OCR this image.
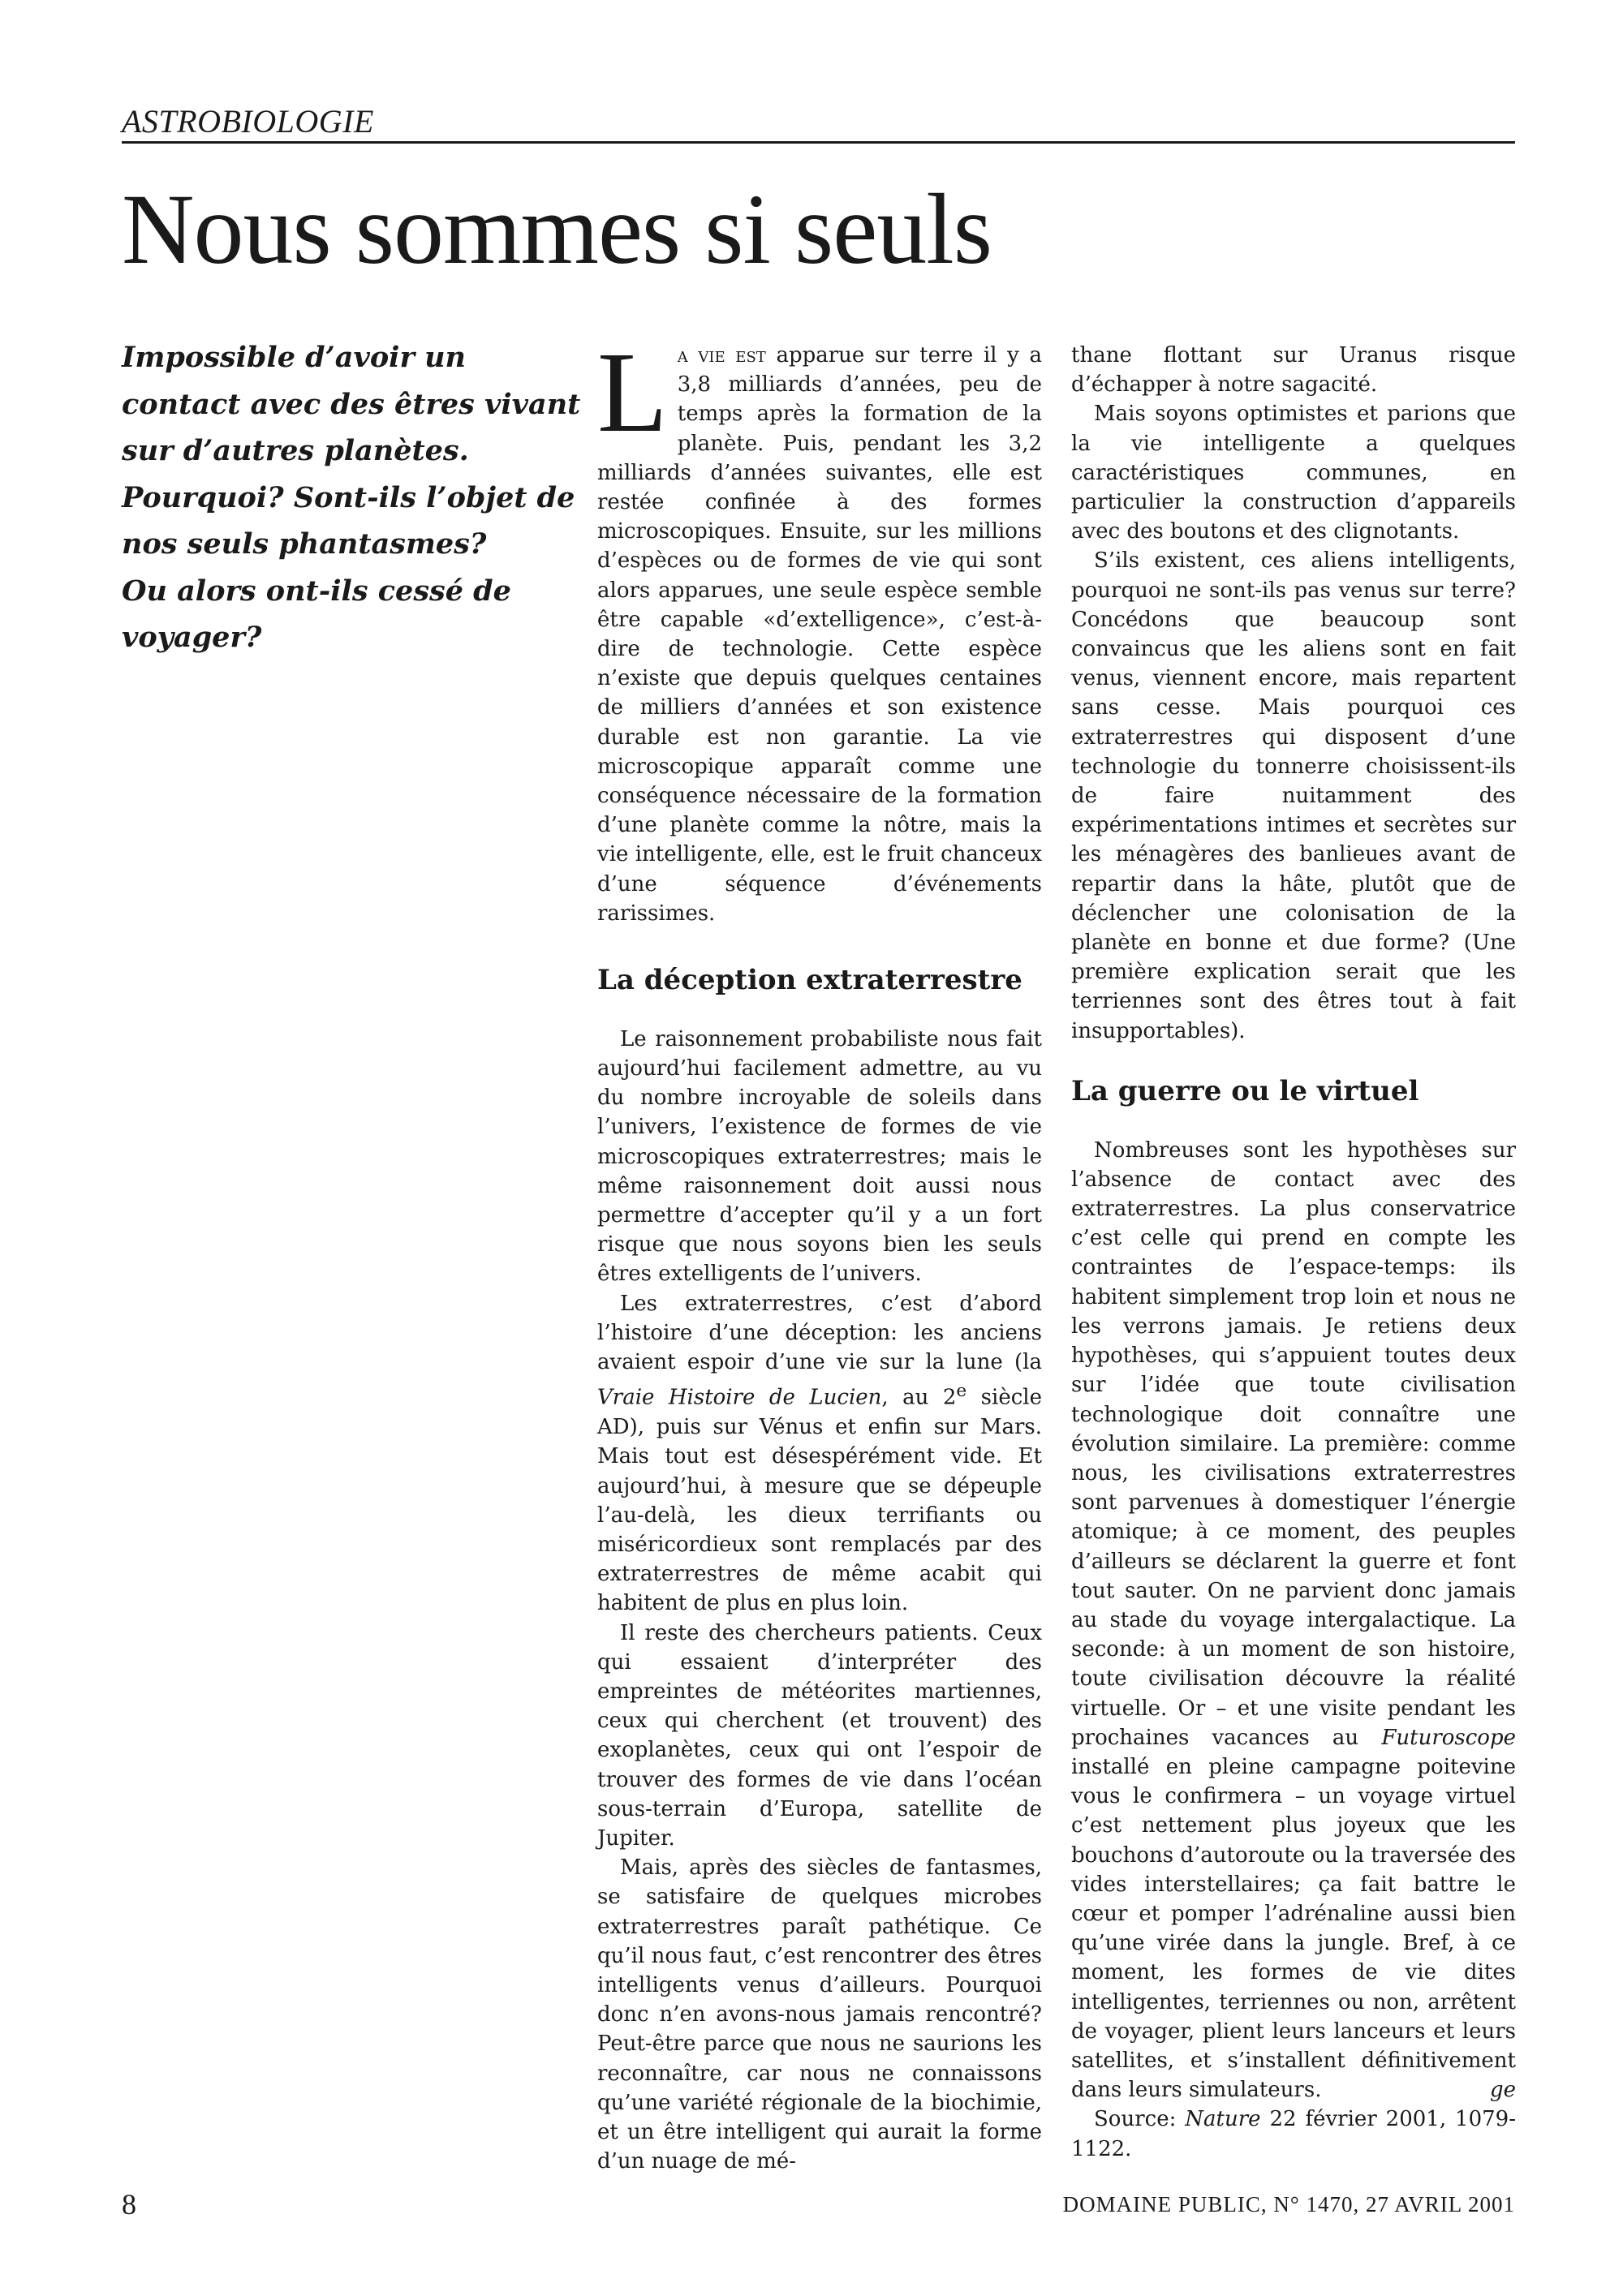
ASTROBIOLOGIE

Nous sommes si seuls
Impossible d’avoir un
contact avec des êtres vivant
sur d’autres planètes.
Pourquoi? Sont-ils l’objet de
nos seuls phantasmes?
Ou alors ont-ils cessé de
voyager?

La vie est apparue sur terre il y a 3,8 milliards d’années, peu de temps après la formation de la planète. Puis, pendant les 3,2 milliards d’années suivantes, elle est restée confinée à des formes microscopiques. Ensuite, sur les millions d’espèces ou de formes de vie qui sont alors apparues, une seule espèce semble être capable «d’extelligence», c’est-à-dire de technologie. Cette espèce n’existe que depuis quelques centaines de milliers d’années et son existence durable est non garantie. La vie microscopique apparaît comme une conséquence nécessaire de la formation d’une planète comme la nôtre, mais la vie intelligente, elle, est le fruit chanceux d’une séquence d’événements rarissimes.

La déception extraterrestre

Le raisonnement probabiliste nous fait aujourd’hui facilement admettre, au vu du nombre incroyable de soleils dans l’univers, l’existence de formes de vie microscopiques extraterrestres; mais le même raisonnement doit aussi nous permettre d’accepter qu’il y a un fort risque que nous soyons bien les seuls êtres extelligents de l’univers.

Les extraterrestres, c’est d’abord l’histoire d’une déception: les anciens avaient espoir d’une vie sur la lune (la Vraie Histoire de Lucien, au 2e siècle AD), puis sur Vénus et enfin sur Mars. Mais tout est désespérément vide. Et aujourd’hui, à mesure que se dépeuple l’au-delà, les dieux terrifiants ou miséricordieux sont remplacés par des extraterrestres de même acabit qui habitent de plus en plus loin.

Il reste des chercheurs patients. Ceux qui essaient d’interpréter des empreintes de météorites martiennes, ceux qui cherchent (et trouvent) des exoplanètes, ceux qui ont l’espoir de trouver des formes de vie dans l’océan sous-terrain d’Europa, satellite de Jupiter.

Mais, après des siècles de fantasmes, se satisfaire de quelques microbes extraterrestres paraît pathétique. Ce qu’il nous faut, c’est rencontrer des êtres intelligents venus d’ailleurs. Pourquoi donc n’en avons-nous jamais rencontré? Peut-être parce que nous ne saurions les reconnaître, car nous ne connaissons qu’une variété régionale de la biochimie, et un être intelligent qui aurait la forme d’un nuage de mé-

thane flottant sur Uranus risque d’échapper à notre sagacité.

Mais soyons optimistes et parions que la vie intelligente a quelques caractéristiques communes, en particulier la construction d’appareils avec des boutons et des clignotants.

S’ils existent, ces aliens intelligents, pourquoi ne sont-ils pas venus sur terre? Concédons que beaucoup sont convaincus que les aliens sont en fait venus, viennent encore, mais repartent sans cesse. Mais pourquoi ces extraterrestres qui disposent d’une technologie du tonnerre choisissent-ils de faire nuitamment des expérimentations intimes et secrètes sur les ménagères des banlieues avant de repartir dans la hâte, plutôt que de déclencher une colonisation de la planète en bonne et due forme? (Une première explication serait que les terriennes sont des êtres tout à fait insupportables).

La guerre ou le virtuel

Nombreuses sont les hypothèses sur l’absence de contact avec des extraterrestres. La plus conservatrice c’est celle qui prend en compte les contraintes de l’espace-temps: ils habitent simplement trop loin et nous ne les verrons jamais. Je retiens deux hypothèses, qui s’appuient toutes deux sur l’idée que toute civilisation technologique doit connaître une évolution similaire. La première: comme nous, les civilisations extraterrestres sont parvenues à domestiquer l’énergie atomique; à ce moment, des peuples d’ailleurs se déclarent la guerre et font tout sauter. On ne parvient donc jamais au stade du voyage intergalactique. La seconde: à un moment de son histoire, toute civilisation découvre la réalité virtuelle. Or – et une visite pendant les prochaines vacances au Futuroscope installé en pleine campagne poitevine vous le confirmera – un voyage virtuel c’est nettement plus joyeux que les bouchons d’autoroute ou la traversée des vides interstellaires; ça fait battre le cœur et pomper l’adrénaline aussi bien qu’une virée dans la jungle. Bref, à ce moment, les formes de vie dites intelligentes, terriennes ou non, arrêtent de voyager, plient leurs lanceurs et leurs satellites, et s’installent définitivement dans leurs simulateurs.	ge

Source: Nature 22 février 2001, 1079-1122.

8	DOMAINE PUBLIC, N° 1470, 27 AVRIL 2001
